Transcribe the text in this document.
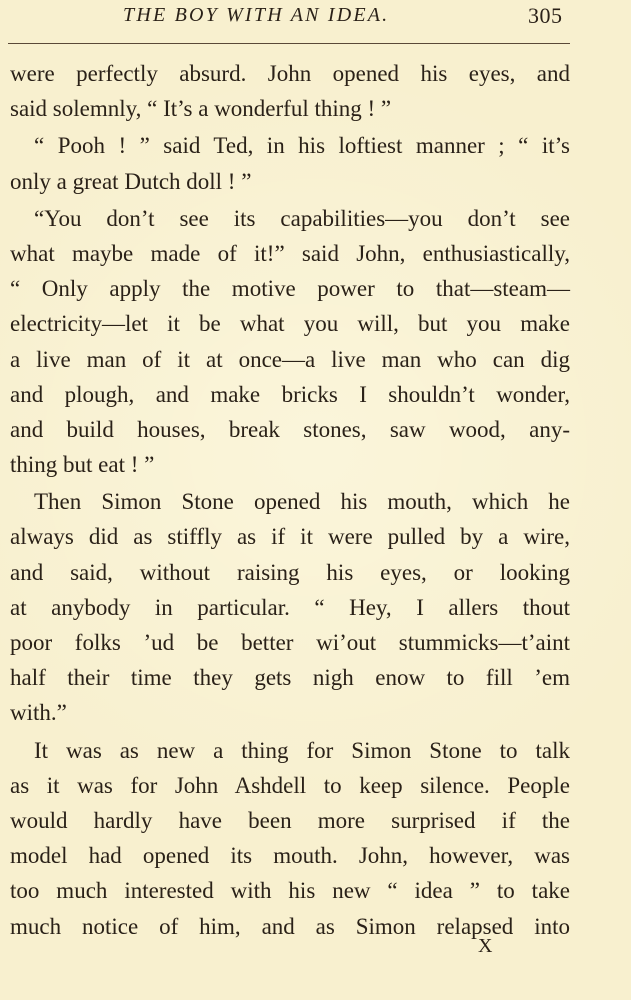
THE BOY WITH AN IDEA.	305
were perfectly absurd. John opened his eyes, and
said solemnly, “ It’s a wonderful thing ! ”
“ Pooh ! ” said Ted, in his loftiest manner ; “ it’s
only a great Dutch doll ! ”
“You don’t see its capabilities—you don’t see
what maybe made of it!” said John, enthusiastically,
“ Only apply the motive power to that—steam—
electricity—let it be what you will, but you make
a live man of it at once—a live man who can dig
and plough, and make bricks I shouldn’t wonder,
and build houses, break stones, saw wood, any-
thing but eat ! ”
Then Simon Stone opened his mouth, which he
always did as stiffly as if it were pulled by a wire,
and said, without raising his eyes, or looking
at anybody in particular. “ Hey, I allers thout
poor folks ’ud be better wi’out stummicks—t’aint
half their time they gets nigh enow to fill ’em
with.”
It was as new a thing for Simon Stone to talk
as it was for John Ashdell to keep silence. People
would hardly have been more surprised if the
model had opened its mouth. John, however, was
too much interested with his new “ idea ” to take
much notice of him, and as Simon relapsed into
X
